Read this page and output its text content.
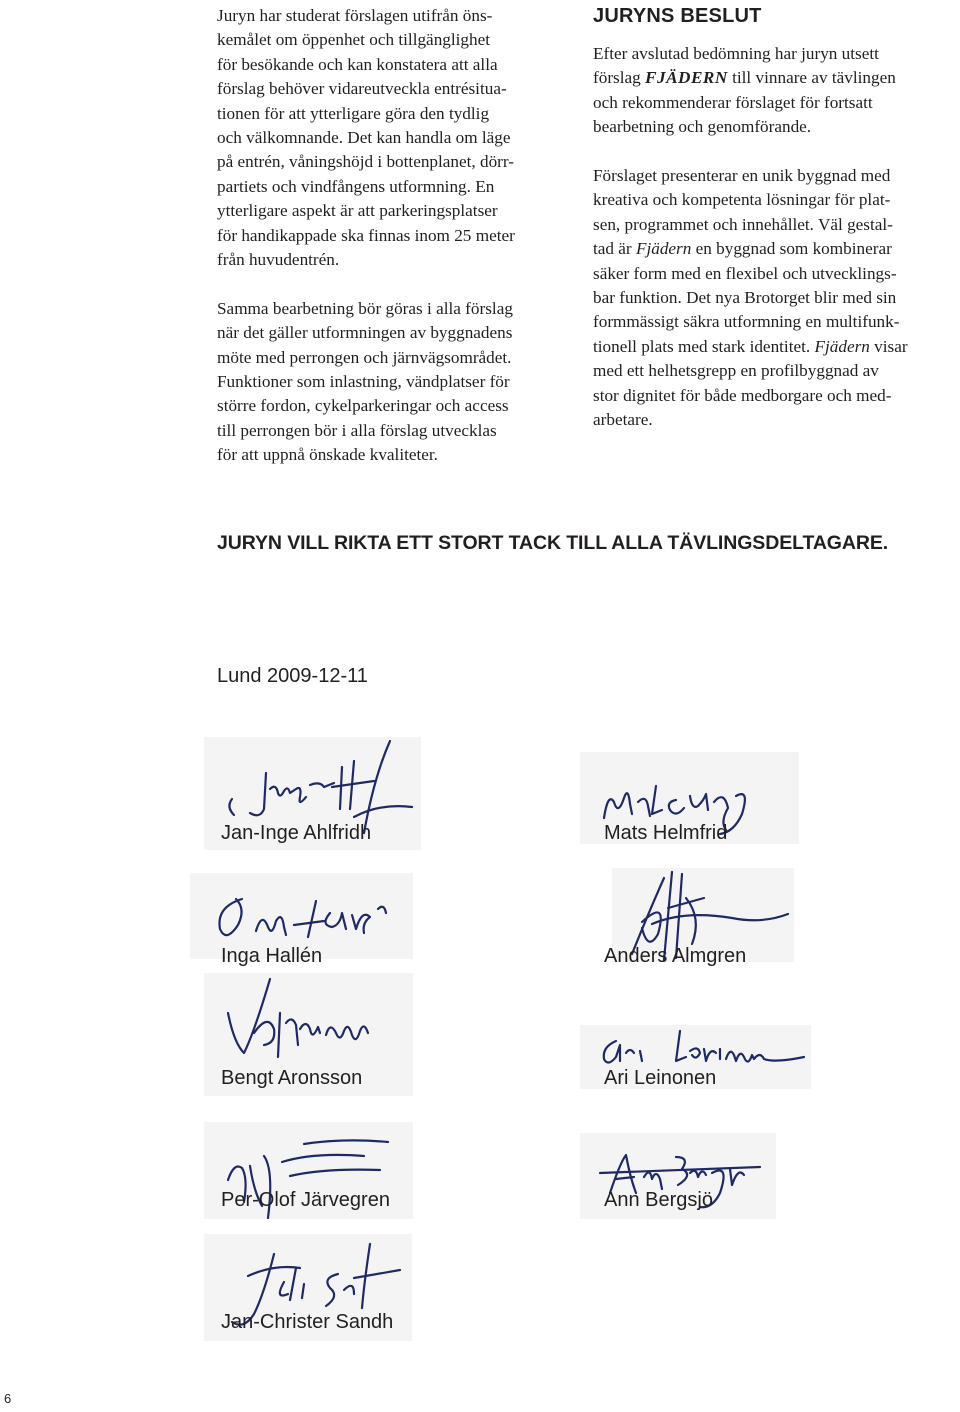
Juryn har studerat förslagen utifrån öns-
kemålet om öppenhet och tillgänglighet
för besökande och kan konstatera att alla
förslag behöver vidareutveckla entrésitua-
tionen för att ytterligare göra den tydlig
och välkomnande. Det kan handla om läge
på entrén, våningshöjd i bottenplanet, dörr-
partiets och vindfångens utformning. En
ytterligare aspekt är att parkeringsplatser
för handikappade ska finnas inom 25 meter
från huvudentrén.

Samma bearbetning bör göras i alla förslag
när det gäller utformningen av byggnadens
möte med perrongen och järnvägsområdet.
Funktioner som inlastning, vändplatser för
större fordon, cykelparkeringar och access
till perrongen bör i alla förslag utvecklas
för att uppnå önskade kvaliteter.

JURYNS BESLUT

Efter avslutad bedömning har juryn utsett
förslag FJÄDERN till vinnare av tävlingen
och rekommenderar förslaget för fortsatt
bearbetning och genomförande.

Förslaget presenterar en unik byggnad med
kreativa och kompetenta lösningar för plat-
sen, programmet och innehållet. Väl gestal-
tad är Fjädern en byggnad som kombinerar
säker form med en flexibel och utvecklings-
bar funktion. Det nya Brotorget blir med sin
formmässigt säkra utformning en multifunk-
tionell plats med stark identitet. Fjädern visar
med ett helhetsgrepp en profilbyggnad av
stor dignitet för både medborgare och med-
arbetare.

JURYN VILL RIKTA ETT STORT TACK TILL ALLA TÄVLINGSDELTAGARE.
Lund 2009-12-11
Jan-Inge Ahlfridh	Mats Helmfrid
Inga Hallén	Anders Almgren
Bengt Aronsson	Ari Leinonen
Per-Olof Järvegren	Ann Bergsjö
Jan-Christer Sandh
6
